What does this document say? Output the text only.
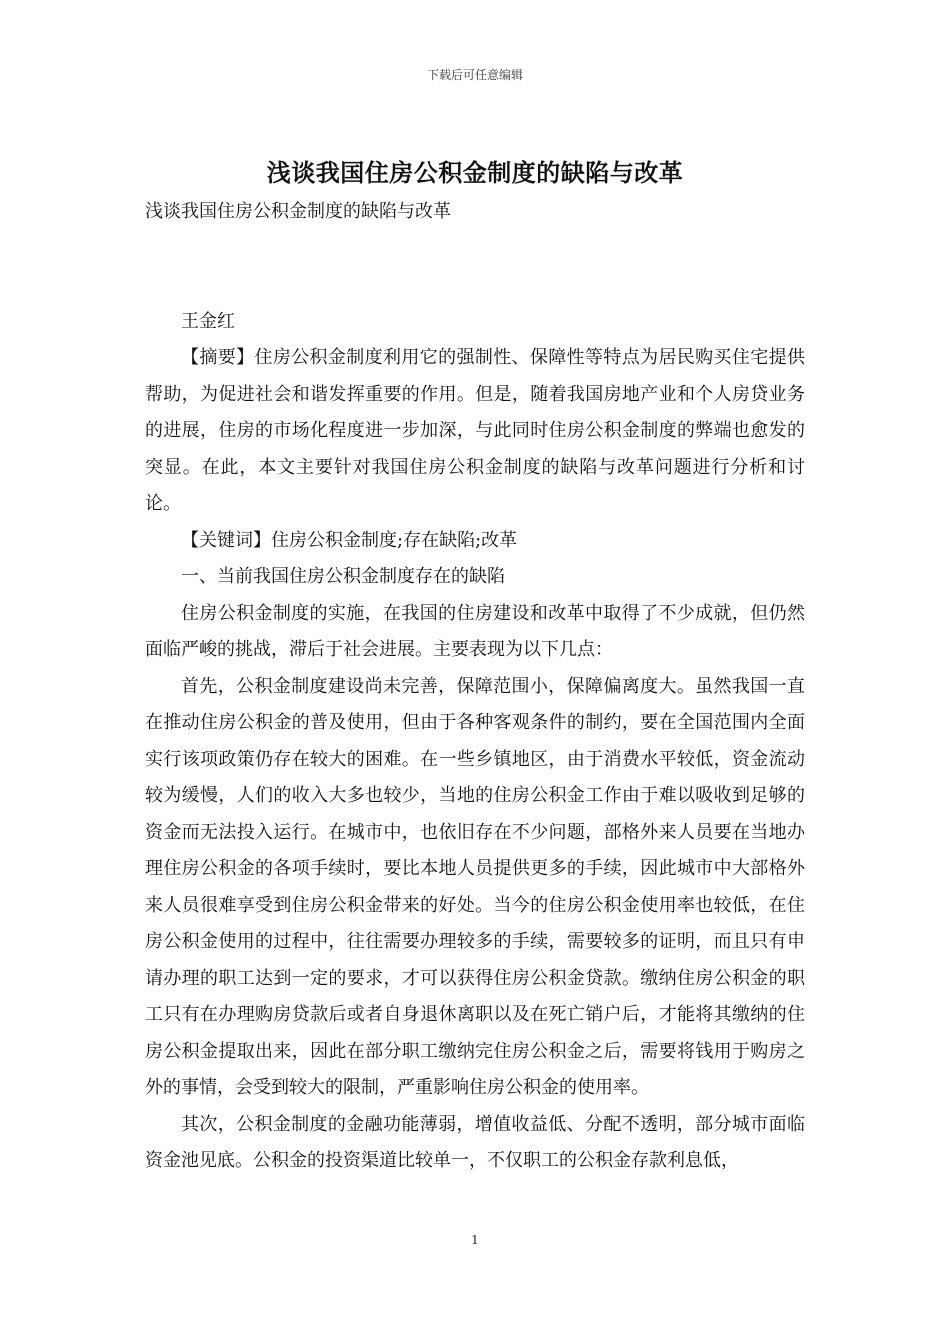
下载后可任意编辑
浅谈我国住房公积金制度的缺陷与改革

浅谈我国住房公积金制度的缺陷与改革

王金红

【摘要】住房公积金制度利用它的强制性、保障性等特点为居民购买住宅提供帮助，为促进社会和谐发挥重要的作用。但是，随着我国房地产业和个人房贷业务的进展，住房的市场化程度进一步加深，与此同时住房公积金制度的弊端也愈发的突显。在此，本文主要针对我国住房公积金制度的缺陷与改革问题进行分析和讨论。

【关键词】住房公积金制度;存在缺陷;改革

一、当前我国住房公积金制度存在的缺陷

住房公积金制度的实施，在我国的住房建设和改革中取得了不少成就，但仍然面临严峻的挑战，滞后于社会进展。主要表现为以下几点：

首先，公积金制度建设尚未完善，保障范围小，保障偏离度大。虽然我国一直在推动住房公积金的普及使用，但由于各种客观条件的制约，要在全国范围内全面实行该项政策仍存在较大的困难。在一些乡镇地区，由于消费水平较低，资金流动较为缓慢，人们的收入大多也较少，当地的住房公积金工作由于难以吸收到足够的资金而无法投入运行。在城市中，也依旧存在不少问题，部格外来人员要在当地办理住房公积金的各项手续时，要比本地人员提供更多的手续，因此城市中大部格外来人员很难享受到住房公积金带来的好处。当今的住房公积金使用率也较低，在住房公积金使用的过程中，往往需要办理较多的手续，需要较多的证明，而且只有申请办理的职工达到一定的要求，才可以获得住房公积金贷款。缴纳住房公积金的职工只有在办理购房贷款后或者自身退休离职以及在死亡销户后，才能将其缴纳的住房公积金提取出来，因此在部分职工缴纳完住房公积金之后，需要将钱用于购房之外的事情，会受到较大的限制，严重影响住房公积金的使用率。

其次，公积金制度的金融功能薄弱，增值收益低、分配不透明，部分城市面临资金池见底。公积金的投资渠道比较单一，不仅职工的公积金存款利息低，

1
